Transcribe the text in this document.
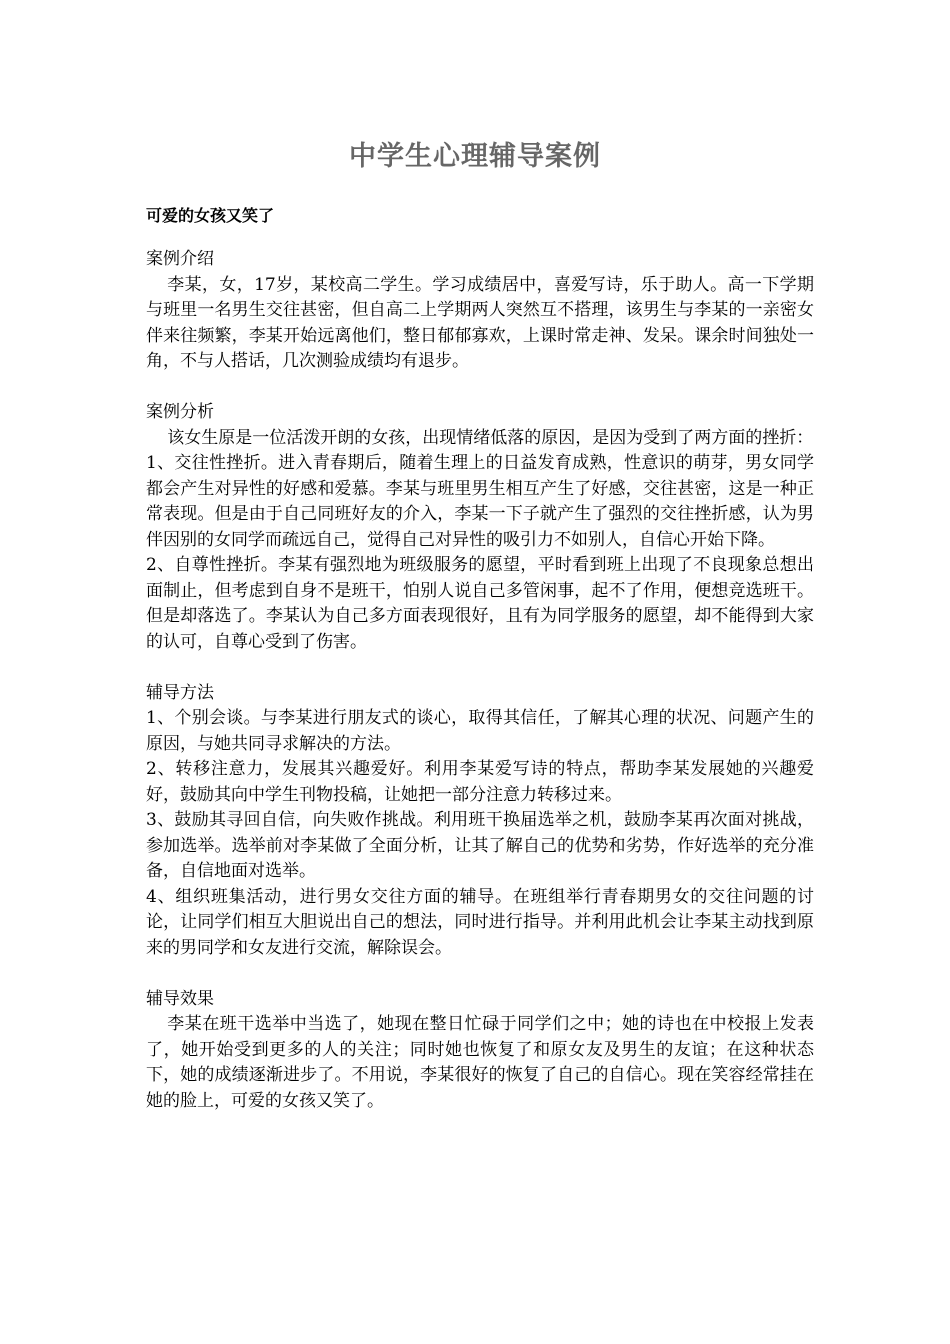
中学生心理辅导案例
可爱的女孩又笑了

案例介绍

李某，女，17岁，某校高二学生。学习成绩居中，喜爱写诗，乐于助人。高一下学期与班里一名男生交往甚密，但自高二上学期两人突然互不搭理，该男生与李某的一亲密女伴来往频繁，李某开始远离他们，整日郁郁寡欢，上课时常走神、发呆。课余时间独处一角，不与人搭话，几次测验成绩均有退步。

案例分析

该女生原是一位活泼开朗的女孩，出现情绪低落的原因，是因为受到了两方面的挫折：

1、交往性挫折。进入青春期后，随着生理上的日益发育成熟，性意识的萌芽，男女同学都会产生对异性的好感和爱慕。李某与班里男生相互产生了好感，交往甚密，这是一种正常表现。但是由于自己同班好友的介入，李某一下子就产生了强烈的交往挫折感，认为男伴因别的女同学而疏远自己，觉得自己对异性的吸引力不如别人，自信心开始下降。

2、自尊性挫折。李某有强烈地为班级服务的愿望，平时看到班上出现了不良现象总想出面制止，但考虑到自身不是班干，怕别人说自己多管闲事，起不了作用，便想竞选班干。但是却落选了。李某认为自己多方面表现很好，且有为同学服务的愿望，却不能得到大家的认可，自尊心受到了伤害。

辅导方法

1、个别会谈。与李某进行朋友式的谈心，取得其信任，了解其心理的状况、问题产生的原因，与她共同寻求解决的方法。

2、转移注意力，发展其兴趣爱好。利用李某爱写诗的特点，帮助李某发展她的兴趣爱好，鼓励其向中学生刊物投稿，让她把一部分注意力转移过来。

3、鼓励其寻回自信，向失败作挑战。利用班干换届选举之机，鼓励李某再次面对挑战，参加选举。选举前对李某做了全面分析，让其了解自己的优势和劣势，作好选举的充分准备，自信地面对选举。

4、组织班集活动，进行男女交往方面的辅导。在班组举行青春期男女的交往问题的讨论，让同学们相互大胆说出自己的想法，同时进行指导。并利用此机会让李某主动找到原来的男同学和女友进行交流，解除误会。

辅导效果

李某在班干选举中当选了，她现在整日忙碌于同学们之中；她的诗也在中校报上发表了，她开始受到更多的人的关注；同时她也恢复了和原女友及男生的友谊；在这种状态下，她的成绩逐渐进步了。不用说，李某很好的恢复了自己的自信心。现在笑容经常挂在她的脸上，可爱的女孩又笑了。
